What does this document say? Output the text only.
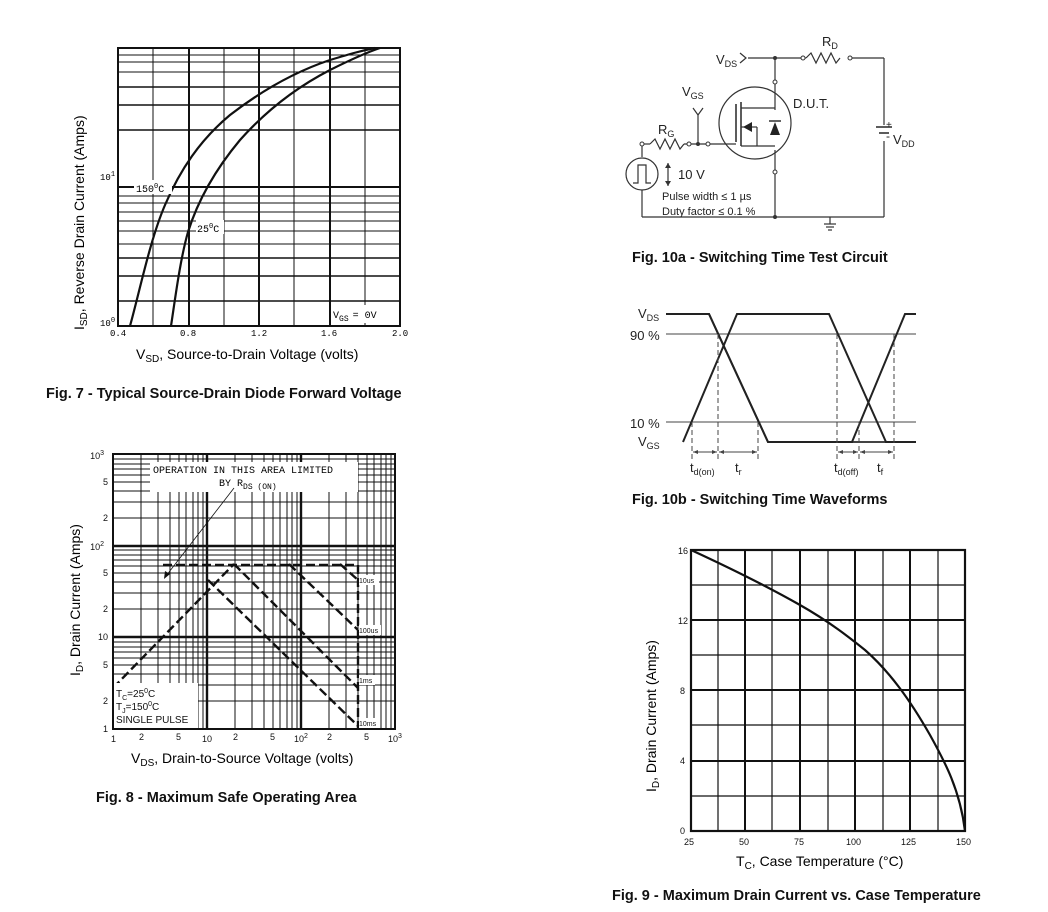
$150^0C$
$25^0C$
$V_{GS} = 0V$
$10^1$
$10^0$
0.4	0.8	1.2	1.6	2.0
$V_{SD}$, Source-to-Drain Voltage (volts)
$I_{SD}$, Reverse Drain Current (Amps)
Fig. 7 - Typical Source-Drain Diode Forward Voltage
OPERATION IN THIS AREA LIMITED
BY $R_{DS (ON)}$
10us
100us
1ms
10ms
$T_C=25^0C$
$T_J=150^0C$
SINGLE PULSE
1
2
5
10
2
5
$10^2$
2
5
$10^3$
1	2	5 10 2	5 $10^2$ 2	5 $10^3$
$V_{DS}$, Drain-to-Source Voltage (volts)
$I_D$, Drain Current (Amps)
Fig. 8 - Maximum Safe Operating Area
$V_{DS}$
$R_D$
$V_{GS}$
$R_G$
D.U.T.
+
- $V_{DD}$
10 V
Pulse width ≤ 1 µs
Duty factor ≤ 0.1 %
Fig. 10a - Switching Time Test Circuit
$V_{DS}$
90 %
10 %
$V_{GS}$
$t_{d(on)}$ $t_r$	$t_{d(off)}$ $t_f$
Fig. 10b - Switching Time Waveforms
16
12
8
4
0
25	50	75	100	125	150
$T_C$, Case Temperature (°C)
$I_D$, Drain Current (Amps)
Fig. 9 - Maximum Drain Current vs. Case Temperature
